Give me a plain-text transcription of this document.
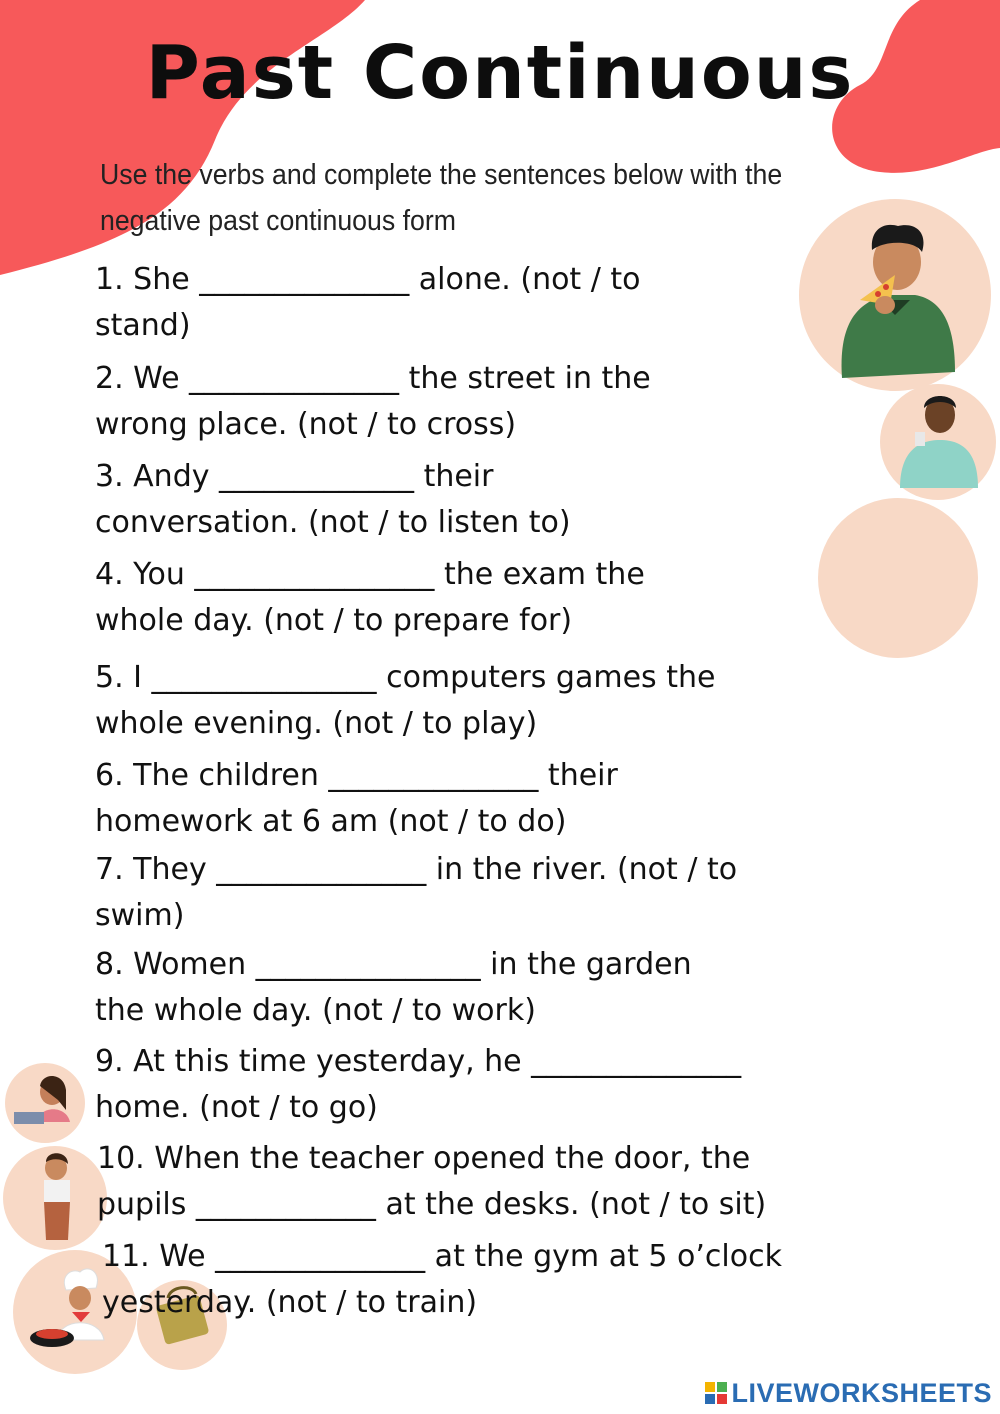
Past Continuous
Use the verbs and complete the sentences below with the
negative past continuous form
1. She ______________ alone. (not / to
stand)
2. We ______________ the street in the
wrong place. (not / to cross)
3. Andy _____________ their
conversation. (not / to listen to)
4. You ________________ the exam the
whole day. (not / to prepare for)
5. I _______________ computers games the
whole evening. (not / to play)
6. The children ______________ their
homework at 6 am (not / to do)
7. They ______________ in the river. (not / to
swim)
8. Women _______________ in the garden
the whole day. (not / to work)
9. At this time yesterday, he ______________
home. (not / to go)
10. When the teacher opened the door, the
pupils ____________ at the desks. (not / to sit)
11. We ______________ at the gym at 5 o’clock
yesterday. (not / to train)
LIVEWORKSHEETS
